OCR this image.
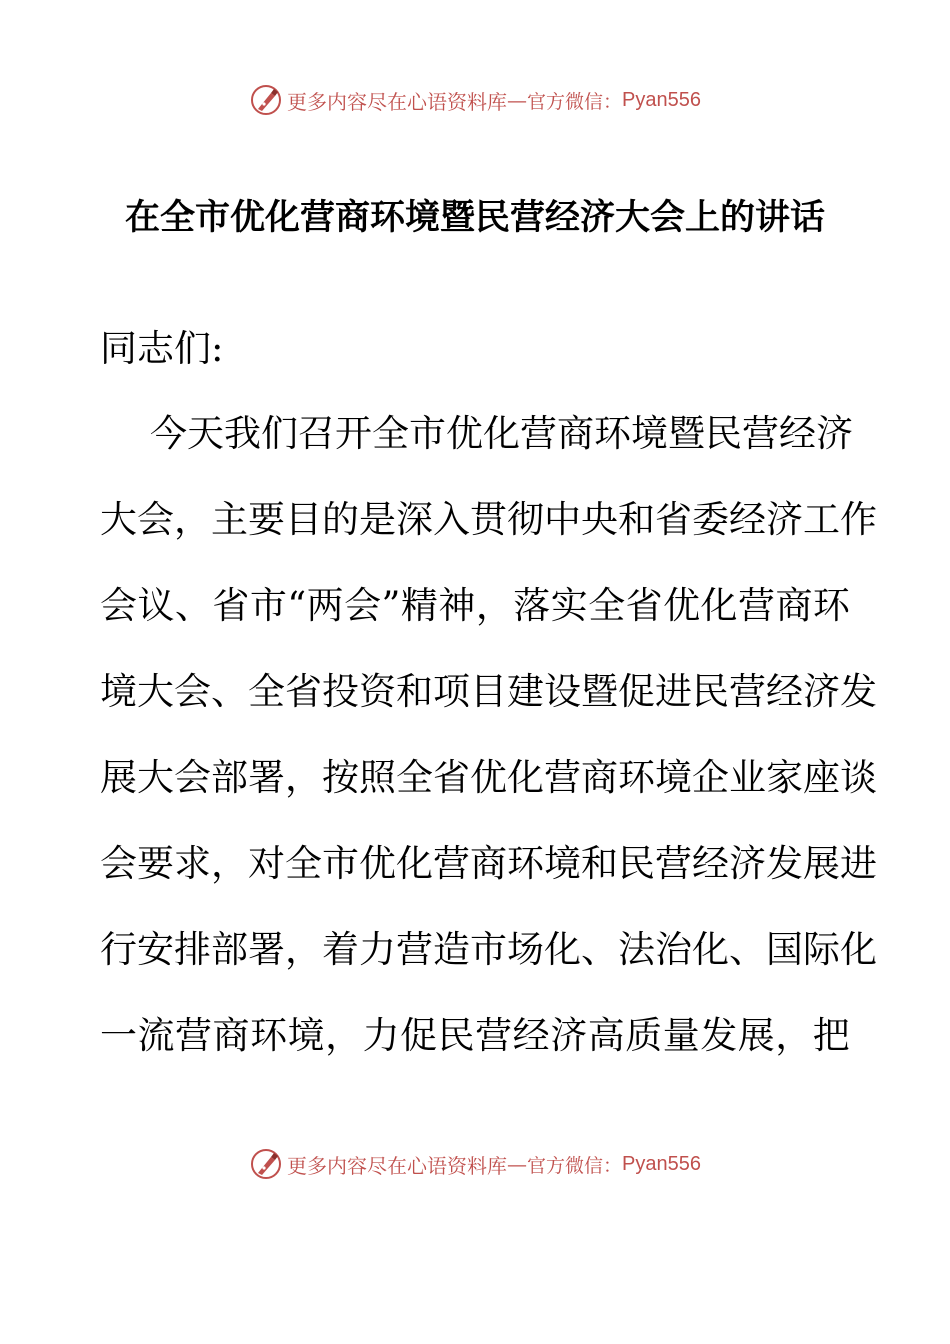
更多内容尽在心语资料库 — 官方微信： Pyan556
在全市优化营商环境暨民营经济大会上的讲话
同志们:
今 天 我 们 召 开 全 市 优 化 营 商 环 境 暨 民 营 经 济
大 会 ， 主 要 目 的 是 深 入 贯 彻 中 央 和 省 委 经 济 工 作
会 议 、 省 市 “ 两 会 ” 精 神 ， 落 实 全 省 优 化 营 商 环
境 大 会 、 全 省 投 资 和 项 目 建 设 暨 促 进 民 营 经 济 发
展 大 会 部 署 ， 按 照 全 省 优 化 营 商 环 境 企 业 家 座 谈
会 要 求 ， 对 全 市 优 化 营 商 环 境 和 民 营 经 济 发 展 进
行 安 排 部 署 ， 着 力 营 造 市 场 化 、 法 治 化 、 国 际 化
一 流 营 商 环 境 ， 力 促 民 营 经 济 高 质 量 发 展 ， 把
更多内容尽在心语资料库 — 官方微信： Pyan556
